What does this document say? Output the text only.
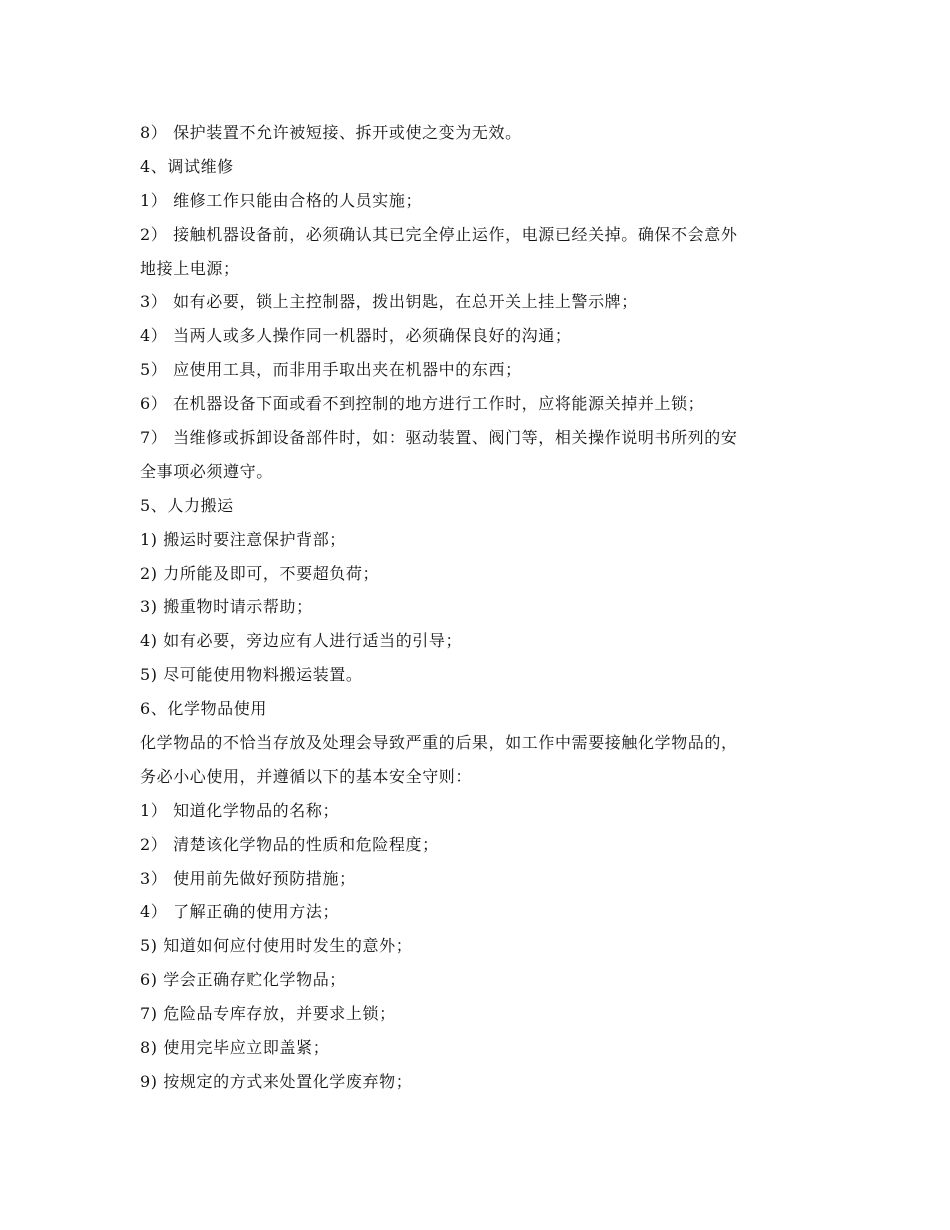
8） 保护装置不允许被短接、拆开或使之变为无效。
4、调试维修
1） 维修工作只能由合格的人员实施；
2） 接触机器设备前，必须确认其已完全停止运作，电源已经关掉。确保不会意外
地接上电源；
3） 如有必要，锁上主控制器，拨出钥匙，在总开关上挂上警示牌；
4） 当两人或多人操作同一机器时，必须确保良好的沟通；
5） 应使用工具，而非用手取出夹在机器中的东西；
6） 在机器设备下面或看不到控制的地方进行工作时，应将能源关掉并上锁；
7） 当维修或拆卸设备部件时，如：驱动装置、阀门等，相关操作说明书所列的安
全事项必须遵守。
5、人力搬运
1) 搬运时要注意保护背部；
2) 力所能及即可，不要超负荷；
3) 搬重物时请示帮助；
4) 如有必要，旁边应有人进行适当的引导；
5) 尽可能使用物料搬运装置。
6、化学物品使用
化学物品的不恰当存放及处理会导致严重的后果，如工作中需要接触化学物品的，
务必小心使用，并遵循以下的基本安全守则：
1） 知道化学物品的名称；
2） 清楚该化学物品的性质和危险程度；
3） 使用前先做好预防措施；
4） 了解正确的使用方法；
5) 知道如何应付使用时发生的意外；
6) 学会正确存贮化学物品；
7) 危险品专库存放，并要求上锁；
8) 使用完毕应立即盖紧；
9) 按规定的方式来处置化学废弃物；
